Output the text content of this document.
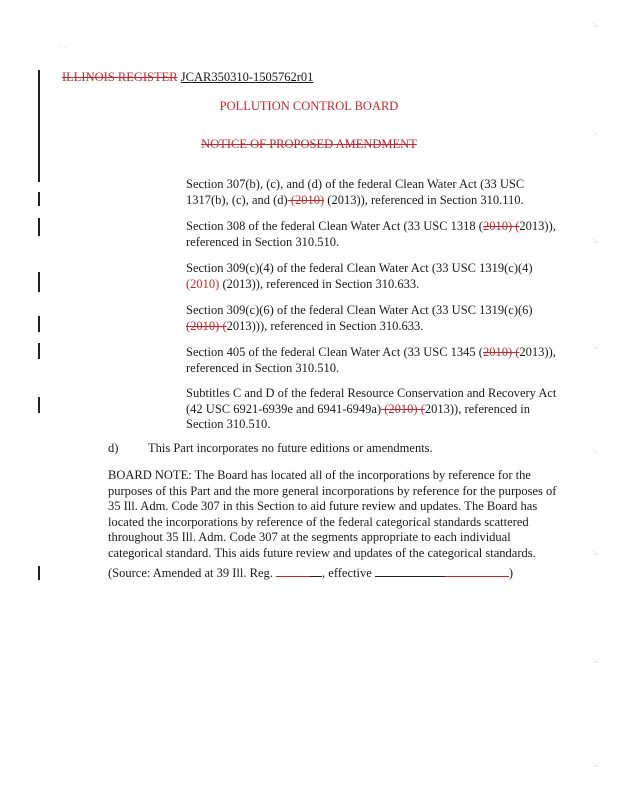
· ·
·,.
·,
·,.
·,.
·,
·,.
·,.
·,.
ILLINOIS REGISTER JCAR350310-1505762r01
POLLUTION CONTROL BOARD
NOTICE OF PROPOSED AMENDMENT

Section 307(b), (c), and (d) of the federal Clean Water Act (33 USC 1317(b), (c), and (d) (2010) (2013)), referenced in Section 310.110.

Section 308 of the federal Clean Water Act (33 USC 1318 (2010) (2013)), referenced in Section 310.510.

Section 309(c)(4) of the federal Clean Water Act (33 USC 1319(c)(4) (2010) (2013)), referenced in Section 310.633.

Section 309(c)(6) of the federal Clean Water Act (33 USC 1319(c)(6) (2010) (2013))), referenced in Section 310.633.

Section 405 of the federal Clean Water Act (33 USC 1345 (2010) (2013)), referenced in Section 310.510.

Subtitles C and D of the federal Resource Conservation and Recovery Act (42 USC 6921-6939e and 6941-6949a) (2010) (2013)), referenced in Section 310.510.

d) This Part incorporates no future editions or amendments.
BOARD NOTE: The Board has located all of the incorporations by reference for the purposes of this Part and the more general incorporations by reference for the purposes of 35 Ill. Adm. Code 307 in this Section to aid future review and updates. The Board has located the incorporations by reference of the federal categorical standards scattered throughout 35 Ill. Adm. Code 307 at the segments appropriate to each individual categorical standard. This aids future review and updates of the categorical standards.
(Source: Amended at 39 Ill. Reg.	, effective	)
